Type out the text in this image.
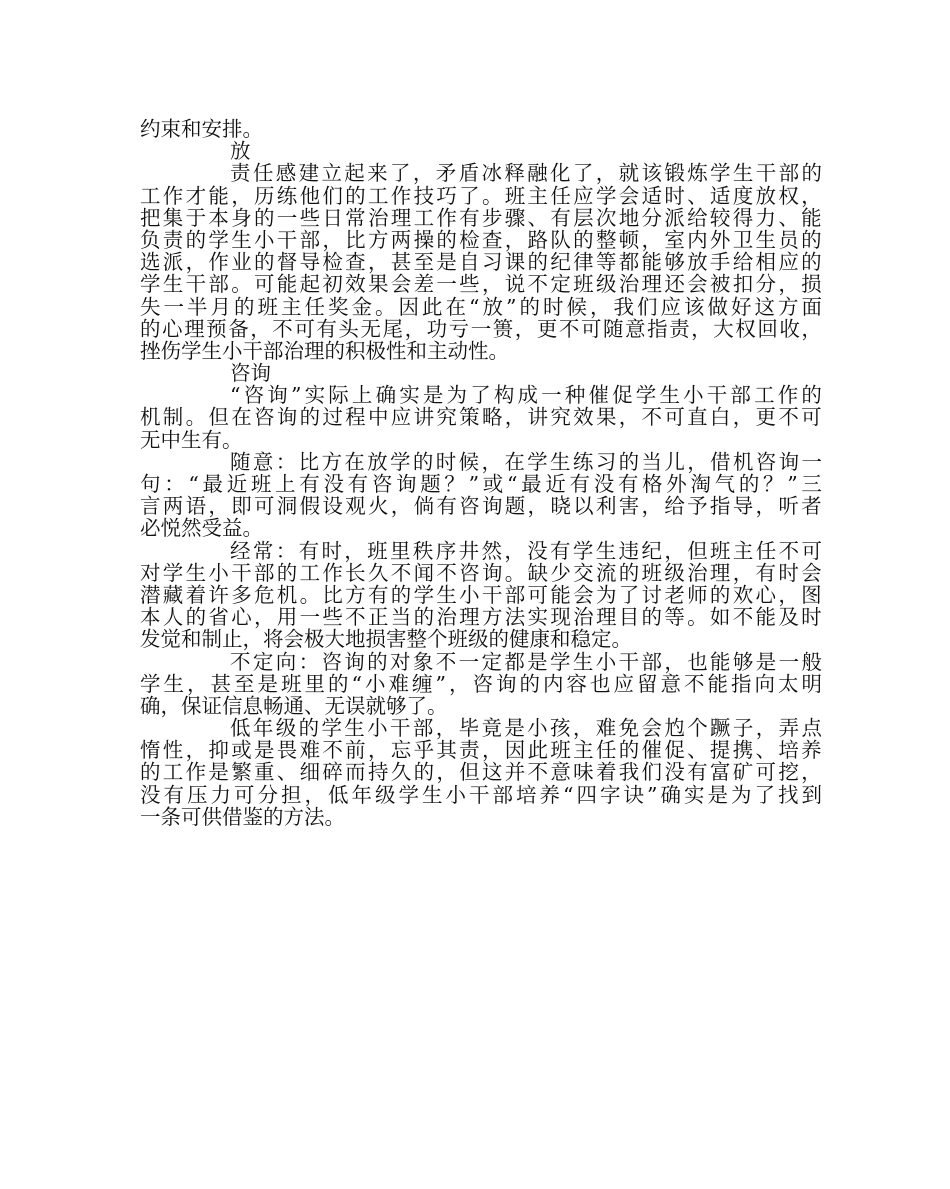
约束和安排。
放
责 任 感 建 立 起 来 了 ， 矛 盾 冰 释 融 化 了 ， 就 该 锻 炼 学 生 干 部 的
工 作 才 能 ， 历 练 他 们 的 工 作 技 巧 了 。 班 主 任 应 学 会 适 时 、 适 度 放 权 ，
把 集 于 本 身 的 一 些 日 常 治 理 工 作 有 步 骤 、 有 层 次 地 分 派 给 较 得 力 、 能
负 责 的 学 生 小 干 部 ， 比 方 两 操 的 检 查 ， 路 队 的 整 顿 ， 室 内 外 卫 生 员 的
选 派 ， 作 业 的 督 导 检 查 ， 甚 至 是 自 习 课 的 纪 律 等 都 能 够 放 手 给 相 应 的
学 生 干 部 。 可 能 起 初 效 果 会 差 一 些 ， 说 不 定 班 级 治 理 还 会 被 扣 分 ， 损
失 一 半 月 的 班 主 任 奖 金 。 因 此 在 “ 放 ” 的 时 候 ， 我 们 应 该 做 好 这 方 面
的 心 理 预 备 ， 不 可 有 头 无 尾 ， 功 亏 一 篑 ， 更 不 可 随 意 指 责 ， 大 权 回 收 ，
挫伤学生小干部治理的积极性和主动性。
咨询
“ 咨 询 ” 实 际 上 确 实 是 为 了 构 成 一 种 催 促 学 生 小 干 部 工 作 的
机 制 。 但 在 咨 询 的 过 程 中 应 讲 究 策 略 ， 讲 究 效 果 ， 不 可 直 白 ， 更 不 可
无中生有。
随 意 ： 比 方 在 放 学 的 时 候 ， 在 学 生 练 习 的 当 儿 ， 借 机 咨 询 一
句 ： “ 最 近 班 上 有 没 有 咨 询 题 ？ ” 或 “ 最 近 有 没 有 格 外 淘 气 的 ？ ” 三
言 两 语 ， 即 可 洞 假 设 观 火 ， 倘 有 咨 询 题 ， 晓 以 利 害 ， 给 予 指 导 ， 听 者
必悦然受益。
经 常 ： 有 时 ， 班 里 秩 序 井 然 ， 没 有 学 生 违 纪 ， 但 班 主 任 不 可
对 学 生 小 干 部 的 工 作 长 久 不 闻 不 咨 询 。 缺 少 交 流 的 班 级 治 理 ， 有 时 会
潜 藏 着 许 多 危 机 。 比 方 有 的 学 生 小 干 部 可 能 会 为 了 讨 老 师 的 欢 心 ， 图
本 人 的 省 心 ， 用 一 些 不 正 当 的 治 理 方 法 实 现 治 理 目 的 等 。 如 不 能 及 时
发觉和制止，将会极大地损害整个班级的健康和稳定。
不 定 向 ： 咨 询 的 对 象 不 一 定 都 是 学 生 小 干 部 ， 也 能 够 是 一 般
学 生 ， 甚 至 是 班 里 的 “ 小 难 缠 ” ， 咨 询 的 内 容 也 应 留 意 不 能 指 向 太 明
确，保证信息畅通、无误就够了。
低 年 级 的 学 生 小 干 部 ， 毕 竟 是 小 孩 ， 难 免 会 尥 个 蹶 子 ， 弄 点
惰 性 ， 抑 或 是 畏 难 不 前 ， 忘 乎 其 责 ， 因 此 班 主 任 的 催 促 、 提 携 、 培 养
的 工 作 是 繁 重 、 细 碎 而 持 久 的 ， 但 这 并 不 意 味 着 我 们 没 有 富 矿 可 挖 ，
没 有 压 力 可 分 担 ， 低 年 级 学 生 小 干 部 培 养 “ 四 字 诀 ” 确 实 是 为 了 找 到
一条可供借鉴的方法。
